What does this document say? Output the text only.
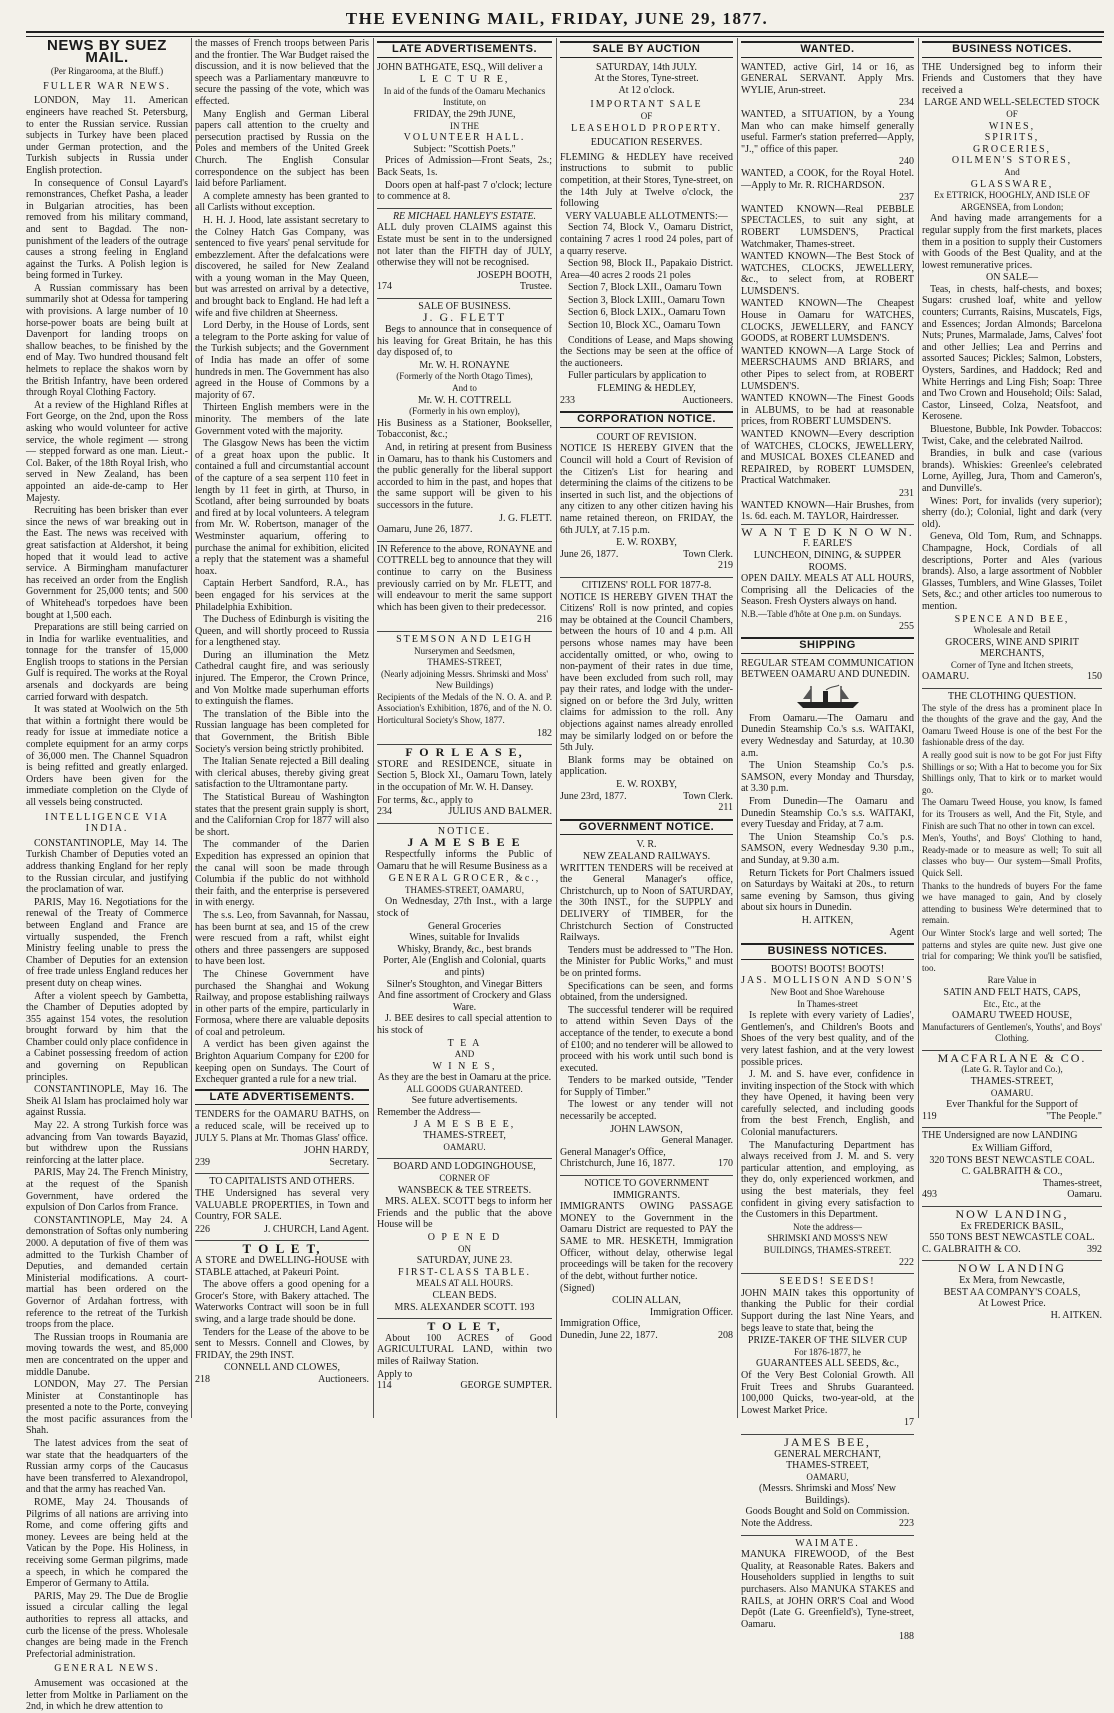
THE EVENING MAIL, FRIDAY, JUNE 29, 1877.
NEWS BY SUEZ MAIL.
(Per Ringarooma, at the Bluff.)
FULLER WAR NEWS.

LONDON, May 11. American engineers have reached St. Petersburg, to enter the Russian service. Russian subjects in Turkey have been placed under German protection, and the Turkish subjects in Russia under English protection.

In consequence of Consul Layard's remonstrances, Chefket Pasha, a leader in Bulgarian atrocities, has been removed from his military command, and sent to Bagdad. The non-punishment of the leaders of the outrage causes a strong feeling in England against the Turks. A Polish legion is being formed in Turkey.

A Russian commissary has been summarily shot at Odessa for tampering with provisions. A large number of 10 horse-power boats are being built at Davenport for landing troops on shallow beaches, to be finished by the end of May. Two hundred thousand felt helmets to replace the shakos worn by the British Infantry, have been ordered through Royal Clothing Factory.

At a review of the Highland Rifles at Fort George, on the 2nd, upon the Ross asking who would volunteer for active service, the whole regiment — strong — stepped forward as one man. Lieut.-Col. Baker, of the 18th Royal Irish, who served in New Zealand, has been appointed an aide-de-camp to Her Majesty.

Recruiting has been brisker than ever since the news of war breaking out in the East. The news was received with great satisfaction at Aldershot, it being hoped that it would lead to active service. A Birmingham manufacturer has received an order from the English Government for 25,000 tents; and 500 of Whitehead's torpedoes have been bought at 1,500 each.

Preparations are still being carried on in India for warlike eventualities, and tonnage for the transfer of 15,000 English troops to stations in the Persian Gulf is required. The works at the Royal arsenals and dockyards are being carried forward with despatch.

It was stated at Woolwich on the 5th that within a fortnight there would be ready for issue at immediate notice a complete equipment for an army corps of 36,000 men. The Channel Squadron is being refitted and greatly enlarged. Orders have been given for the immediate completion on the Clyde of all vessels being constructed.

INTELLIGENCE VIA INDIA.

CONSTANTINOPLE, May 14. The Turkish Chamber of Deputies voted an address thanking England for her reply to the Russian circular, and justifying the proclamation of war.

PARIS, May 16. Negotiations for the renewal of the Treaty of Commerce between England and France are virtually suspended, the French Ministry feeling unable to press the Chamber of Deputies for an extension of free trade unless England reduces her present duty on cheap wines.

After a violent speech by Gambetta, the Chamber of Deputies adopted by 355 against 154 votes, the resolution brought forward by him that the Chamber could only place confidence in a Cabinet possessing freedom of action and governing on Republican principles.

CONSTANTINOPLE, May 16. The Sheik Al Islam has proclaimed holy war against Russia.

May 22. A strong Turkish force was advancing from Van towards Bayazid, but withdrew upon the Russians reinforcing at the latter place.

PARIS, May 24. The French Ministry, at the request of the Spanish Government, have ordered the expulsion of Don Carlos from France.

CONSTANTINOPLE, May 24. A demonstration of Softas only numbering 2000. A deputation of five of them was admitted to the Turkish Chamber of Deputies, and demanded certain Ministerial modifications. A court-martial has been ordered on the Governor of Ardahan fortress, with reference to the retreat of the Turkish troops from the place.

The Russian troops in Roumania are moving towards the west, and 85,000 men are concentrated on the upper and middle Danube.

LONDON, May 27. The Persian Minister at Constantinople has presented a note to the Porte, conveying the most pacific assurances from the Shah.

The latest advices from the seat of war state that the headquarters of the Russian army corps of the Caucasus have been transferred to Alexandropol, and that the army has reached Van.

ROME, May 24. Thousands of Pilgrims of all nations are arriving into Rome, and come offering gifts and money. Levees are being held at the Vatican by the Pope. His Holiness, in receiving some German pilgrims, made a speech, in which he compared the Emperor of Germany to Attila.

PARIS, May 29. The Due de Broglie issued a circular calling the legal authorities to repress all attacks, and curb the license of the press. Wholesale changes are being made in the French Prefectorial administration.

GENERAL NEWS.

Amusement was occasioned at the letter from Moltke in Parliament on the 2nd, in which he drew attention to

the masses of French troops between Paris and the frontier. The War Budget raised the discussion, and it is now believed that the speech was a Parliamentary manœuvre to secure the passing of the vote, which was effected.

Many English and German Liberal papers call attention to the cruelty and persecution practised by Russia on the Poles and members of the United Greek Church. The English Consular correspondence on the subject has been laid before Parliament.

A complete amnesty has been granted to all Carlists without exception.

H. H. J. Hood, late assistant secretary to the Colney Hatch Gas Company, was sentenced to five years' penal servitude for embezzlement. After the defalcations were discovered, he sailed for New Zealand with a young woman in the May Queen, but was arrested on arrival by a detective, and brought back to England. He had left a wife and five children at Sheerness.

Lord Derby, in the House of Lords, sent a telegram to the Porte asking for value of the Turkish subjects; and the Government of India has made an offer of some hundreds in men. The Government has also agreed in the House of Commons by a majority of 67.

Thirteen English members were in the minority. The members of the late Government voted with the majority.

The Glasgow News has been the victim of a great hoax upon the public. It contained a full and circumstantial account of the capture of a sea serpent 110 feet in length by 11 feet in girth, at Thurso, in Scotland, after being surrounded by boats and fired at by local volunteers. A telegram from Mr. W. Robertson, manager of the Westminster aquarium, offering to purchase the animal for exhibition, elicited a reply that the statement was a shameful hoax.

Captain Herbert Sandford, R.A., has been engaged for his services at the Philadelphia Exhibition.

The Duchess of Edinburgh is visiting the Queen, and will shortly proceed to Russia for a lengthened stay.

During an illumination the Metz Cathedral caught fire, and was seriously injured. The Emperor, the Crown Prince, and Von Moltke made superhuman efforts to extinguish the flames.

The translation of the Bible into the Russian language has been completed for that Government, the British Bible Society's version being strictly prohibited.

The Italian Senate rejected a Bill dealing with clerical abuses, thereby giving great satisfaction to the Ultramontane party.

The Statistical Bureau of Washington states that the present grain supply is short, and the Californian Crop for 1877 will also be short.

The commander of the Darien Expedition has expressed an opinion that the canal will soon be made through Columbia if the public do not withhold their faith, and the enterprise is persevered in with energy.

The s.s. Leo, from Savannah, for Nassau, has been burnt at sea, and 15 of the crew were rescued from a raft, whilst eight others and three passengers are supposed to have been lost.

The Chinese Government have purchased the Shanghai and Wokung Railway, and propose establishing railways in other parts of the empire, particularly in Formosa, where there are valuable deposits of coal and petroleum.

A verdict has been given against the Brighton Aquarium Company for £200 for keeping open on Sundays. The Court of Exchequer granted a rule for a new trial.

LATE ADVERTISEMENTS.

TENDERS for the OAMARU BATHS, on a reduced scale, will be received up to JULY 5. Plans at Mr. Thomas Glass' office.

JOHN HARDY,
239	Secretary.
TO CAPITALISTS AND OTHERS.

THE Undersigned has several very VALUABLE PROPERTIES, in Town and Country, FOR SALE.

226	J. CHURCH, Land Agent.
T O L E T,

A STORE and DWELLING-HOUSE with STABLE attached, at Pakeuri Point.

The above offers a good opening for a Grocer's Store, with Bakery attached. The Waterworks Contract will soon be in full swing, and a large trade should be done.

Tenders for the Lease of the above to be sent to Messrs. Connell and Clowes, by FRIDAY, the 29th INST.

CONNELL AND CLOWES,
218	Auctioneers.
LATE ADVERTISEMENTS.

JOHN BATHGATE, ESQ., Will deliver a

L E C T U R E,
In aid of the funds of the Oamaru Mechanics Institute, on
FRIDAY, the 29th JUNE,
IN THE
VOLUNTEER HALL.
Subject: "Scottish Poets."

Prices of Admission—Front Seats, 2s.; Back Seats, 1s.

Doors open at half-past 7 o'clock; lecture to commence at 8.

RE MICHAEL HANLEY'S ESTATE.

ALL duly proven CLAIMS against this Estate must be sent in to the undersigned not later than the FIFTH day of JULY, otherwise they will not be recognised.

JOSEPH BOOTH,
174	Trustee.
SALE OF BUSINESS.
J. G. FLETT

Begs to announce that in consequence of his leaving for Great Britain, he has this day disposed of, to

Mr. W. H. RONAYNE
(Formerly of the North Otago Times),
And to
Mr. W. H. COTTRELL
(Formerly in his own employ),

His Business as a Stationer, Bookseller, Tobacconist, &c.;

And, in retiring at present from Business in Oamaru, has to thank his Customers and the public generally for the liberal support accorded to him in the past, and hopes that the same support will be given to his successors in the future.

J. G. FLETT.
Oamaru, June 26, 1877.

IN Reference to the above, RONAYNE and COTTRELL beg to announce that they will continue to carry on the Business previously carried on by Mr. FLETT, and will endeavour to merit the same support which has been given to their predecessor.

216
STEMSON AND LEIGH
Nurserymen and Seedsmen,
THAMES-STREET,
(Nearly adjoining Messrs. Shrimski and Moss' New Buildings)

Recipients of the Medals of the N. O. A. and P. Association's Exhibition, 1876, and of the N. O. Horticultural Society's Show, 1877.

182
F O R L E A S E,

STORE and RESIDENCE, situate in Section 5, Block XI., Oamaru Town, lately in the occupation of Mr. W. H. Dansey.

For terms, &c., apply to
234	JULIUS AND BALMER.
NOTICE.
J A M E S B E E

Respectfully informs the Public of Oamaru that he will Resume Business as a

GENERAL GROCER, &c.,
THAMES-STREET, OAMARU,

On Wednesday, 27th Inst., with a large stock of

General Groceries
Wines, suitable for Invalids
Whisky, Brandy, &c., best brands
Porter, Ale (English and Colonial, quarts and pints)
Silner's Stoughton, and Vinegar Bitters
And fine assortment of Crockery and Glass Ware.

J. BEE desires to call special attention to his stock of

T E A
AND
W I N E S,
As they are the best in Oamaru at the price.
ALL GOODS GUARANTEED.
See future advertisements.
Remember the Address—
J A M E S B E E,
THAMES-STREET,
OAMARU.
BOARD AND LODGINGHOUSE,
CORNER OF
WANSBECK & TEE STREETS.

MRS. ALEX. SCOTT begs to inform her Friends and the public that the above House will be

O P E N E D
ON
SATURDAY, JUNE 23.
FIRST-CLASS TABLE.
MEALS AT ALL HOURS.
CLEAN BEDS.
MRS. ALEXANDER SCOTT. 193
T O L E T,

About 100 ACRES of Good AGRICULTURAL LAND, within two miles of Railway Station.

Apply to
114	GEORGE SUMPTER.
SALE BY AUCTION
SATURDAY, 14th JULY.
At the Stores, Tyne-street.
At 12 o'clock.
IMPORTANT SALE
OF
LEASEHOLD PROPERTY.
EDUCATION RESERVES.

FLEMING & HEDLEY have received instructions to submit to public competition, at their Stores, Tyne-street, on the 14th July at Twelve o'clock, the following

VERY VALUABLE ALLOTMENTS:—

Section 74, Block V., Oamaru District, containing 7 acres 1 rood 24 poles, part of a quarry reserve.

Section 98, Block II., Papakaio District. Area—40 acres 2 roods 21 poles

Section 7, Block LXII., Oamaru Town

Section 3, Block LXIII., Oamaru Town

Section 6, Block LXIX., Oamaru Town

Section 10, Block XC., Oamaru Town

Conditions of Lease, and Maps showing the Sections may be seen at the office of the auctioneers.

Fuller particulars by application to

FLEMING & HEDLEY,
233	Auctioneers.
CORPORATION NOTICE.
COURT OF REVISION.

NOTICE IS HEREBY GIVEN that the Council will hold a Court of Revision of the Citizen's List for hearing and determining the claims of the citizens to be inserted in such list, and the objections of any citizen to any other citizen having his name retained thereon, on FRIDAY, the 6th JULY, at 7.15 p.m.

E. W. ROXBY,
June 26, 1877.	Town Clerk.
219
CITIZENS' ROLL FOR 1877-8.

NOTICE IS HEREBY GIVEN THAT the Citizens' Roll is now printed, and copies may be obtained at the Council Chambers, between the hours of 10 and 4 p.m. All persons whose names may have been accidentally omitted, or who, owing to non-payment of their rates in due time, have been excluded from such roll, may pay their rates, and lodge with the under-signed on or before the 3rd July, written claims for admission to the roll. Any objections against names already enrolled may be similarly lodged on or before the 5th July.

Blank forms may be obtained on application.

E. W. ROXBY,
June 23rd, 1877.	Town Clerk.
211
GOVERNMENT NOTICE.
V. R.
NEW ZEALAND RAILWAYS.

WRITTEN TENDERS will be received at the General Manager's office, Christchurch, up to Noon of SATURDAY, the 30th INST., for the SUPPLY and DELIVERY of TIMBER, for the Christchurch Section of Constructed Railways.

Tenders must be addressed to "The Hon. the Minister for Public Works," and must be on printed forms.

Specifications can be seen, and forms obtained, from the undersigned.

The successful tenderer will be required to attend within Seven Days of the acceptance of the tender, to execute a bond of £100; and no tenderer will be allowed to proceed with his work until such bond is executed.

Tenders to be marked outside, "Tender for Supply of Timber."

The lowest or any tender will not necessarily be accepted.

JOHN LAWSON,
General Manager.
General Manager's Office,
Christchurch, June 16, 1877.	170
NOTICE TO GOVERNMENT IMMIGRANTS.

IMMIGRANTS OWING PASSAGE MONEY to the Government in the Oamaru District are requested to PAY the SAME to MR. HESKETH, Immigration Officer, without delay, otherwise legal proceedings will be taken for the recovery of the debt, without further notice.

(Signed)
COLIN ALLAN,
Immigration Officer.
Immigration Office,
Dunedin, June 22, 1877.	208
WANTED.

WANTED, active Girl, 14 or 16, as GENERAL SERVANT. Apply Mrs. WYLIE, Arun-street.

234

WANTED, a SITUATION, by a Young Man who can make himself generally useful. Farmer's station preferred—Apply, "J.," office of this paper.

240

WANTED, a COOK, for the Royal Hotel.—Apply to Mr. R. RICHARDSON.

237

WANTED KNOWN—Real PEBBLE SPECTACLES, to suit any sight, at ROBERT LUMSDEN'S, Practical Watchmaker, Thames-street.

WANTED KNOWN—The Best Stock of WATCHES, CLOCKS, JEWELLERY, &c., to select from, at ROBERT LUMSDEN'S.

WANTED KNOWN—The Cheapest House in Oamaru for WATCHES, CLOCKS, JEWELLERY, and FANCY GOODS, at ROBERT LUMSDEN'S.

WANTED KNOWN—A Large Stock of MEERSCHAUMS AND BRIARS, and other Pipes to select from, at ROBERT LUMSDEN'S.

WANTED KNOWN—The Finest Goods in ALBUMS, to be had at reasonable prices, from ROBERT LUMSDEN'S.

WANTED KNOWN—Every description of WATCHES, CLOCKS, JEWELLERY, and MUSICAL BOXES CLEANED and REPAIRED, by ROBERT LUMSDEN, Practical Watchmaker.

231

WANTED KNOWN—Hair Brushes, from 1s. 6d. each. M. TAYLOR, Hairdresser.

W A N T E D K N O W N.
F. EARLE'S
LUNCHEON, DINING, & SUPPER ROOMS.

OPEN DAILY. MEALS AT ALL HOURS, Comprising all the Delicacies of the Season. Fresh Oysters always on hand.

N.B.—Table d'hôte at One p.m. on Sundays.
255
SHIPPING

REGULAR STEAM COMMUNICATION BETWEEN OAMARU AND DUNEDIN.

From Oamaru.—The Oamaru and Dunedin Steamship Co.'s s.s. WAITAKI, every Wednesday and Saturday, at 10.30 a.m.

The Union Steamship Co.'s p.s. SAMSON, every Monday and Thursday, at 3.30 p.m.

From Dunedin—The Oamaru and Dunedin Steamship Co.'s s.s. WAITAKI, every Tuesday and Friday, at 7 a.m.

The Union Steamship Co.'s p.s. SAMSON, every Wednesday 9.30 p.m., and Sunday, at 9.30 a.m.

Return Tickets for Port Chalmers issued on Saturdays by Waitaki at 20s., to return same evening by Samson, thus giving about six hours in Dunedin.

H. AITKEN,
Agent
BUSINESS NOTICES.
BOOTS! BOOTS! BOOTS!
JAS. MOLLISON AND SON'S
New Boot and Shoe Warehouse
In Thames-street

Is replete with every variety of Ladies', Gentlemen's, and Children's Boots and Shoes of the very best quality, and of the very latest fashion, and at the very lowest possible prices.

J. M. and S. have ever, confidence in inviting inspection of the Stock with which they have Opened, it having been very carefully selected, and including goods from the best French, English, and Colonial manufacturers.

The Manufacturing Department has always received from J. M. and S. very particular attention, and employing, as they do, only experienced workmen, and using the best materials, they feel confident in giving every satisfaction to the Customers in this Department.

Note the address—
SHRIMSKI AND MOSS'S NEW BUILDINGS, THAMES-STREET.
222
SEEDS! SEEDS!

JOHN MAIN takes this opportunity of thanking the Public for their cordial Support during the last Nine Years, and begs leave to state that, being the

PRIZE-TAKER OF THE SILVER CUP
For 1876-1877, he
GUARANTEES ALL SEEDS, &c.,

Of the Very Best Colonial Growth. All Fruit Trees and Shrubs Guaranteed. 100,000 Quicks, two-year-old, at the Lowest Market Price.

17
JAMES BEE,
GENERAL MERCHANT,
THAMES-STREET,
OAMARU,
(Messrs. Shrimski and Moss' New Buildings).
Goods Bought and Sold on Commission.
Note the Address.	223
WAIMATE.

MANUKA FIREWOOD, of the Best Quality, at Reasonable Rates. Bakers and Householders supplied in lengths to suit purchasers. Also MANUKA STAKES and RAILS, at JOHN ORR'S Coal and Wood Depôt (Late G. Greenfield's), Tyne-street, Oamaru.

188
BUSINESS NOTICES.

THE Undersigned beg to inform their Friends and Customers that they have received a

LARGE AND WELL-SELECTED STOCK
OF
WINES,
SPIRITS,
GROCERIES,
OILMEN'S STORES,
And
GLASSWARE,
Ex ETTRICK, HOOGHLY, AND ISLE OF ARGENSEA, from London;

And having made arrangements for a regular supply from the first markets, places them in a position to supply their Customers with Goods of the Best Quality, and at the lowest remunerative prices.

ON SALE—

Teas, in chests, half-chests, and boxes; Sugars: crushed loaf, white and yellow counters; Currants, Raisins, Muscatels, Figs, and Essences; Jordan Almonds; Barcelona Nuts; Prunes, Marmalade, Jams, Calves' foot and other Jellies; Lea and Perrins and assorted Sauces; Pickles; Salmon, Lobsters, Oysters, Sardines, and Haddock; Red and White Herrings and Ling Fish; Soap: Three and Two Crown and Household; Oils: Salad, Castor, Linseed, Colza, Neatsfoot, and Kerosene.

Bluestone, Bubble, Ink Powder. Tobaccos: Twist, Cake, and the celebrated Nailrod.

Brandies, in bulk and case (various brands). Whiskies: Greenlee's celebrated Lorne, Ayilleg, Jura, Thom and Cameron's, and Dunville's.

Wines: Port, for invalids (very superior); sherry (do.); Colonial, light and dark (very old).

Geneva, Old Tom, Rum, and Schnapps. Champagne, Hock, Cordials of all descriptions, Porter and Ales (various brands). Also, a large assortment of Nobbler Glasses, Tumblers, and Wine Glasses, Toilet Sets, &c.; and other articles too numerous to mention.

SPENCE AND BEE,
Wholesale and Retail
GROCERS, WINE AND SPIRIT MERCHANTS,
Corner of Tyne and Itchen streets,
OAMARU.	150
THE CLOTHING QUESTION.

The style of the dress has a prominent place In the thoughts of the grave and the gay, And the Oamaru Tweed House is one of the best For the fashionable dress of the day.

A really good suit is now to be got For just Fifty Shillings or so; With a Hat to become you for Six Shillings only, That to kirk or to market would go.

The Oamaru Tweed House, you know, Is famed for its Trousers as well, And the Fit, Style, and Finish are such That no other in town can excel.

Men's, Youths', and Boys' Clothing to hand, Ready-made or to measure as well; To suit all classes who buy— Our system—Small Profits, Quick Sell.

Thanks to the hundreds of buyers For the fame we have managed to gain, And by closely attending to business We're determined that to remain.

Our Winter Stock's large and well sorted; The patterns and styles are quite new. Just give one trial for comparing; We think you'll be satisfied, too.

Rare Value in
SATIN AND FELT HATS, CAPS,
Etc., Etc., at the
OAMARU TWEED HOUSE,
Manufacturers of Gentlemen's, Youths', and Boys' Clothing.
MACFARLANE & CO.
(Late G. R. Taylor and Co.),
THAMES-STREET,
OAMARU.
Ever Thankful for the Support of
119	"The People."

THE Undersigned are now LANDING

Ex William Gifford,
320 TONS BEST NEWCASTLE COAL.
C. GALBRAITH & CO.,
Thames-street,
493	Oamaru.
NOW LANDING,
Ex FREDERICK BASIL,
550 TONS BEST NEWCASTLE COAL.
C. GALBRAITH & CO.	392
NOW LANDING
Ex Mera, from Newcastle,
BEST AA COMPANY'S COALS,
At Lowest Price.
H. AITKEN.
